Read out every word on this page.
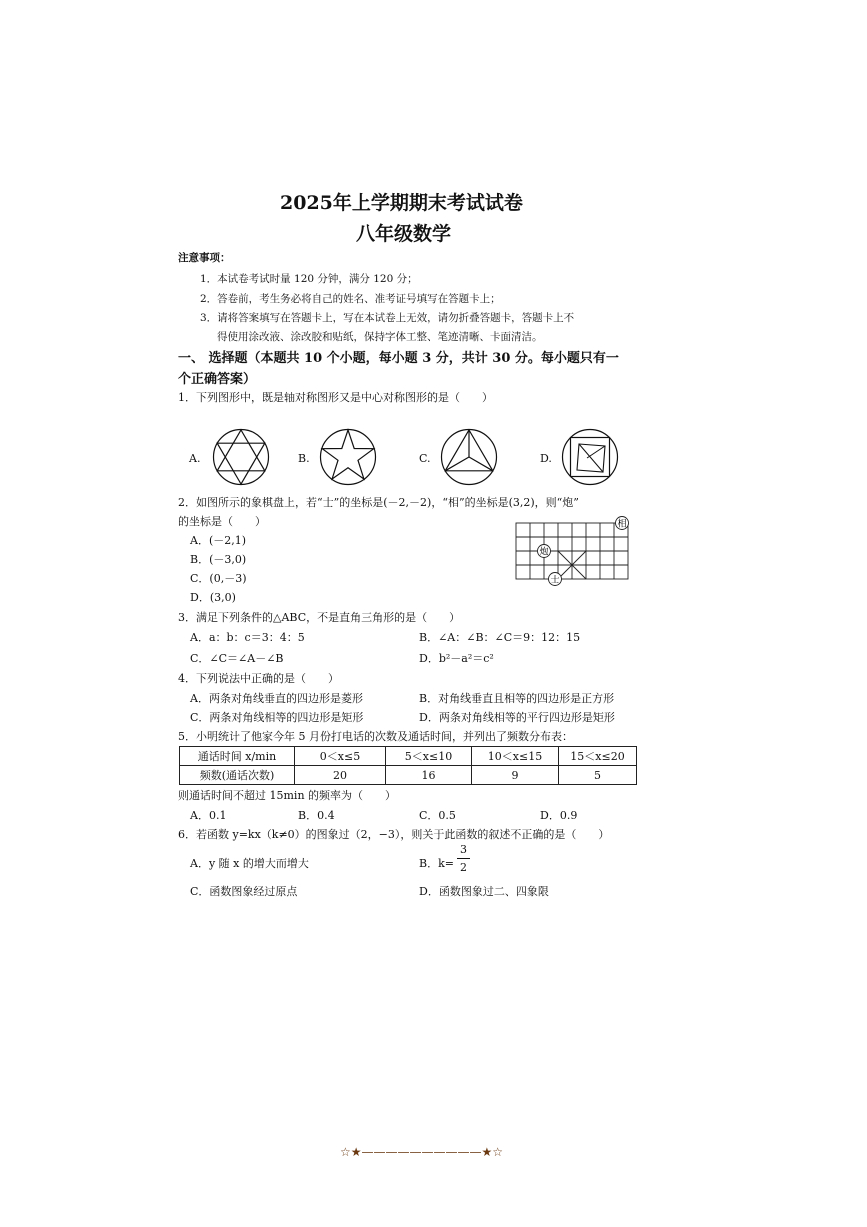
2025年上学期期末考试试卷
八年级数学
注意事项：
1．本试卷考试时量 120 分钟，满分 120 分；
2．答卷前，考生务必将自己的姓名、准考证号填写在答题卡上；
3．请将答案填写在答题卡上，写在本试卷上无效，请勿折叠答题卡，答题卡上不
得使用涂改液、涂改胶和贴纸，保持字体工整、笔迹清晰、卡面清洁。
一、 选择题（本题共 10 个小题，每小题 3 分，共计 30 分。每小题只有一
个正确答案）
1．下列图形中，既是轴对称图形又是中心对称图形的是（　　）
A.	B.	C.	D.
2．如图所示的象棋盘上，若“士”的坐标是(－2,－2)，“相”的坐标是(3,2)，则“炮”
的坐标是（　　）
A．(－2,1)
B．(－3,0)
C．(0,－3)
D．(3,0)
相
炮
士
3．满足下列条件的△ABC，不是直角三角形的是（　　）
A．a：b：c＝3：4：5	B．∠A：∠B：∠C＝9：12：15
C．∠C＝∠A－∠B	D．b²－a²＝c²
4．下列说法中正确的是（　　）
A．两条对角线垂直的四边形是菱形	B．对角线垂直且相等的四边形是正方形
C．两条对角线相等的四边形是矩形	D．两条对角线相等的平行四边形是矩形
5．小明统计了他家今年 5 月份打电话的次数及通话时间，并列出了频数分布表：
通话时间 x/min	0＜x≤5	5＜x≤10	10＜x≤15	15＜x≤20
频数(通话次数)	20	16	9	5
则通话时间不超过 15min 的频率为（　　）
A．0.1	B．0.4	C．0.5	D．0.9
6．若函数 y=kx（k≠0）的图象过（2，−3），则关于此函数的叙述不正确的是（　　）
A．y 随 x 的增大而增大	B．k=
3
2
C．函数图象经过原点	D．函数图象过二、四象限
☆★——————————★☆
